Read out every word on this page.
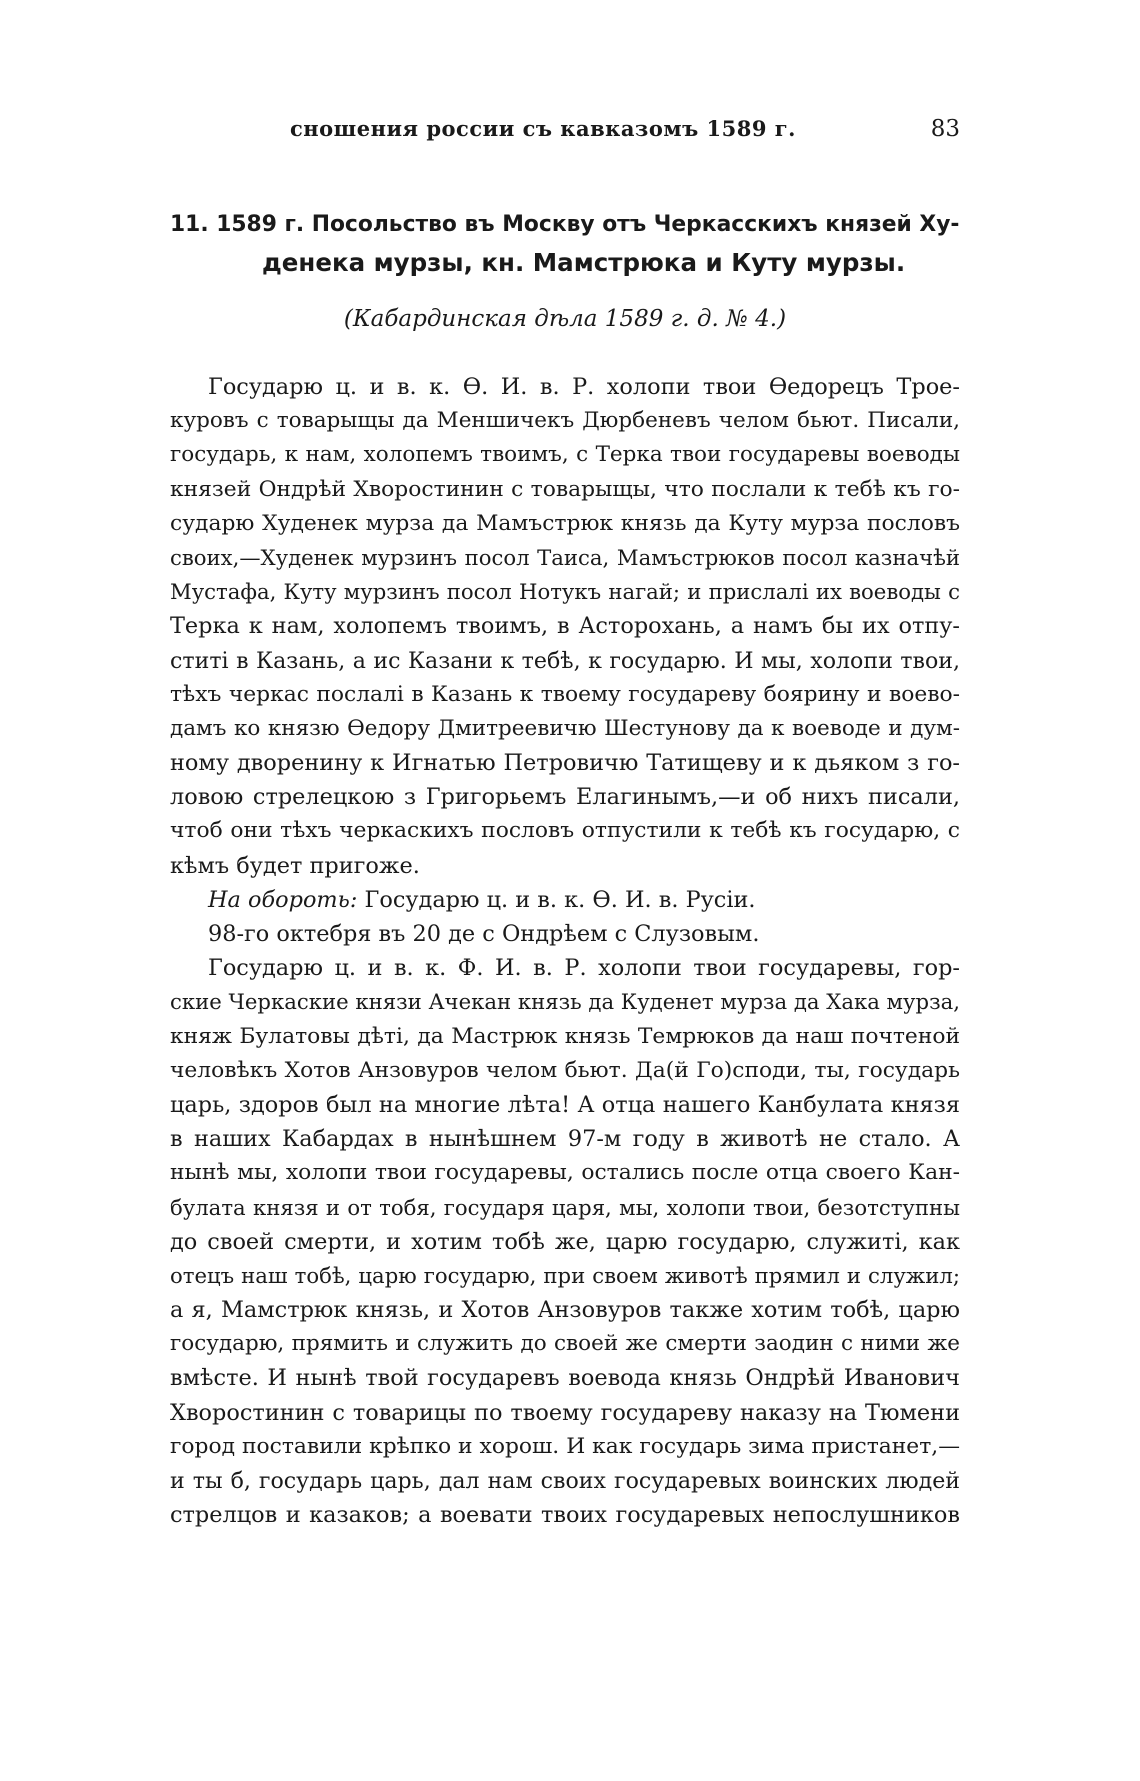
сношения россии съ кавказомъ 1589 г.	83
11. 1589 г. Посольство въ Москву отъ Черкасскихъ князей Ху-
денека мурзы, кн. Мамстрюка и Куту мурзы.
(Кабардинская дѣла 1589 г. д. № 4.)
Государю ц. и в. к. Ѳ. И. в. Р. холопи твои Ѳедорецъ Трое-
куровъ с товарыщы да Меншичекъ Дюрбеневъ челом бьют. Писали,
государь, к нам, холопемъ твоимъ, с Терка твои государевы воеводы
князей Ондрѣй Хворостинин с товарыщы, что послали к тебѣ къ го-
сударю Худенек мурза да Мамъстрюк князь да Куту мурза пословъ
своих,—Худенек мурзинъ посол Таиса, Мамъстрюков посол казначѣй
Мустафа, Куту мурзинъ посол Нотукъ нагай; и прислалі их воеводы с
Терка к нам, холопемъ твоимъ, в Асторохань, а намъ бы их отпу-
ститі в Казань, а ис Казани к тебѣ, к государю. И мы, холопи твои,
тѣхъ черкас послалі в Казань к твоему государеву боярину и воево-
дамъ ко князю Ѳедору Дмитреевичю Шестунову да к воеводе и дум-
ному дворенину к Игнатью Петровичю Татищеву и к дьяком з го-
ловою стрелецкою з Григорьемъ Елагинымъ,—и об нихъ писали,
чтоб они тѣхъ черкаскихъ пословъ отпустили к тебѣ къ государю, с
кѣмъ будет пригоже.
На обороть: Государю ц. и в. к. Ѳ. И. в. Русіи.
98-го октебря въ 20 де с Ондрѣем с Слузовым.
Государю ц. и в. к. Ф. И. в. Р. холопи твои государевы, гор-
ские Черкаские князи Ачекан князь да Куденет мурза да Хака мурза,
княж Булатовы дѣті, да Мастрюк князь Темрюков да наш почтеной
человѣкъ Хотов Анзовуров челом бьют. Да(й Го)споди, ты, государь
царь, здоров был на многие лѣта! А отца нашего Канбулата князя
в наших Кабардах в нынѣшнем 97-м году в животѣ не стало. А
нынѣ мы, холопи твои государевы, остались после отца своего Кан-
булата князя и от тобя, государя царя, мы, холопи твои, безотступны
до своей смерти, и хотим тобѣ же, царю государю, служиті, как
отецъ наш тобѣ, царю государю, при своем животѣ прямил и служил;
а я, Мамстрюк князь, и Хотов Анзовуров также хотим тобѣ, царю
государю, прямить и служить до своей же смерти заодин с ними же
вмѣсте. И нынѣ твой государевъ воевода князь Ондрѣй Иванович
Хворостинин с товарицы по твоему государеву наказу на Тюмени
город поставили крѣпко и хорош. И как государь зима пристанет,—
и ты б, государь царь, дал нам своих государевых воинских людей
стрелцов и казаков; а воевати твоих государевых непослушников
